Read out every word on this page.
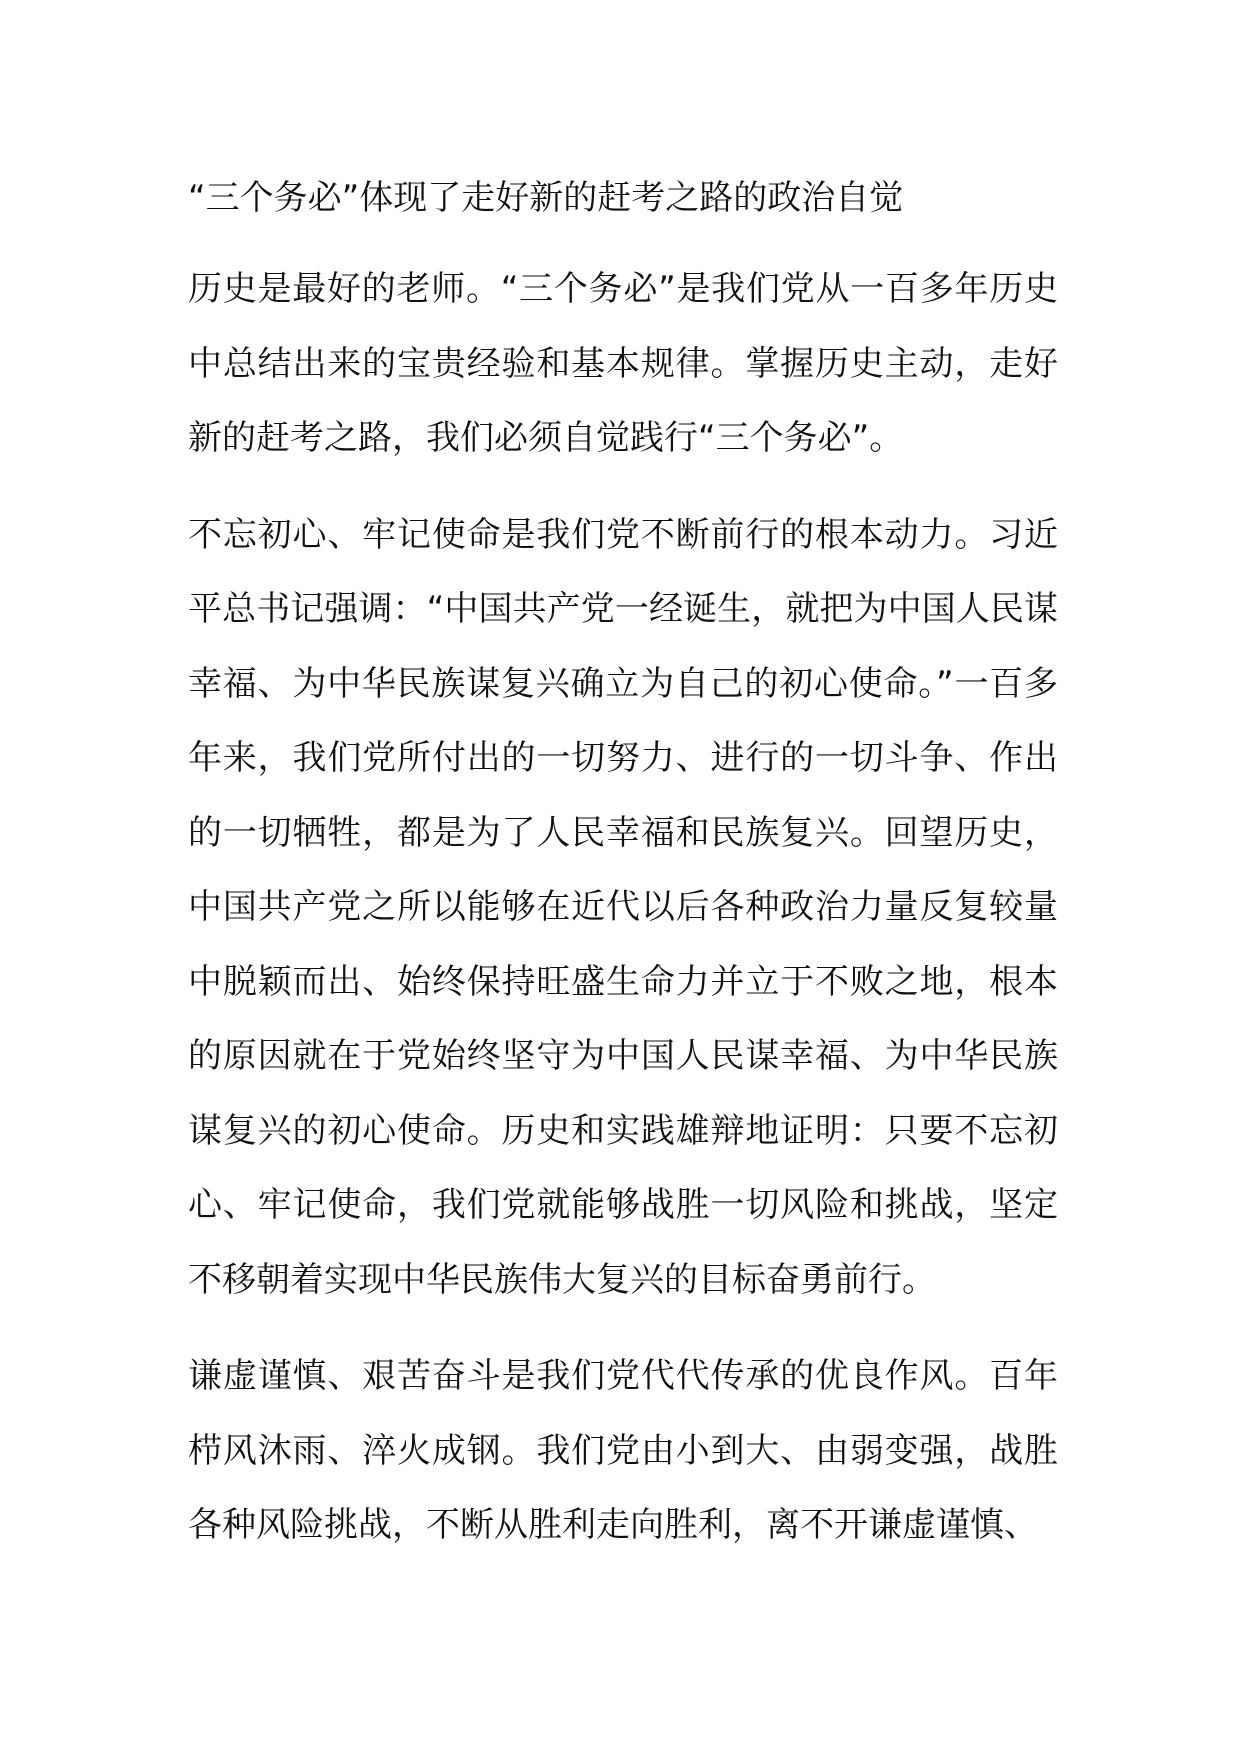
“三个务必”体现了走好新的赶考之路的政治自觉

历史是最好的老师。“三个务必”是我们党从一百多年历史中总结出来的宝贵经验和基本规律。掌握历史主动，走好新的赶考之路，我们必须自觉践行“三个务必”。

不忘初心、牢记使命是我们党不断前行的根本动力。习近平总书记强调：“中国共产党一经诞生，就把为中国人民谋幸福、为中华民族谋复兴确立为自己的初心使命。”一百多年来，我们党所付出的一切努力、进行的一切斗争、作出的一切牺牲，都是为了人民幸福和民族复兴。回望历史，中国共产党之所以能够在近代以后各种政治力量反复较量中脱颖而出、始终保持旺盛生命力并立于不败之地，根本的原因就在于党始终坚守为中国人民谋幸福、为中华民族谋复兴的初心使命。历史和实践雄辩地证明：只要不忘初心、牢记使命，我们党就能够战胜一切风险和挑战，坚定不移朝着实现中华民族伟大复兴的目标奋勇前行。

谦虚谨慎、艰苦奋斗是我们党代代传承的优良作风。百年栉风沐雨、淬火成钢。我们党由小到大、由弱变强，战胜各种风险挑战，不断从胜利走向胜利，离不开谦虚谨慎、
